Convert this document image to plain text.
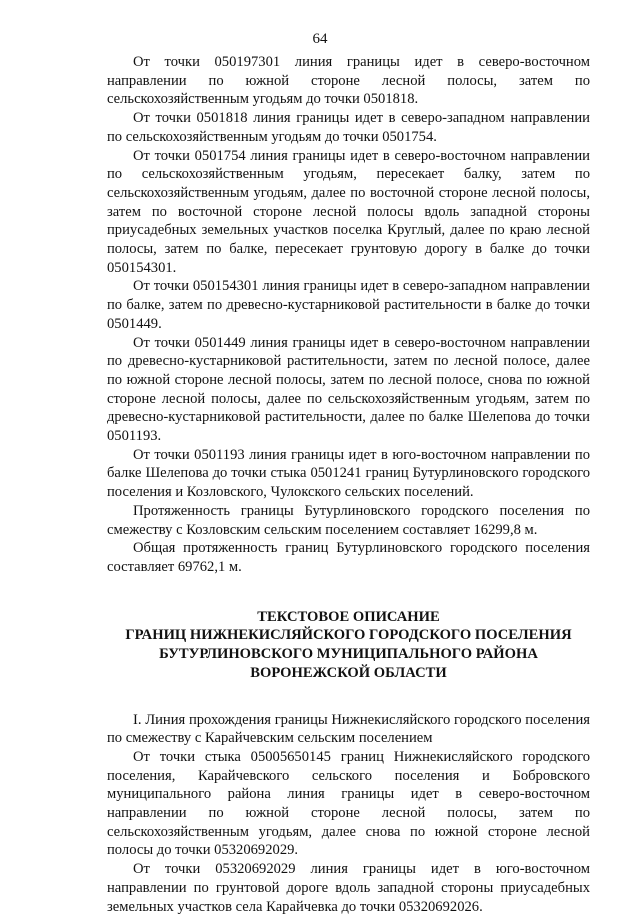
64

От точки 050197301 линия границы идет в северо-восточном направлении по южной стороне лесной полосы, затем по сельскохозяйственным угодьям до точки 0501818.

От точки 0501818 линия границы идет в северо-западном направлении по сельскохозяйственным угодьям до точки 0501754.

От точки 0501754 линия границы идет в северо-восточном направлении по сельскохозяйственным угодьям, пересекает балку, затем по сельскохозяйственным угодьям, далее по восточной стороне лесной полосы, затем по восточной стороне лесной полосы вдоль западной стороны приусадебных земельных участков поселка Круглый, далее по краю лесной полосы, затем по балке, пересекает грунтовую дорогу в балке до точки 050154301.

От точки 050154301 линия границы идет в северо-западном направлении по балке, затем по древесно-кустарниковой растительности в балке до точки 0501449.

От точки 0501449 линия границы идет в северо-восточном направлении по древесно-кустарниковой растительности, затем по лесной полосе, далее по южной стороне лесной полосы, затем по лесной полосе, снова по южной стороне лесной полосы, далее по сельскохозяйственным угодьям, затем по древесно-кустарниковой растительности, далее по балке Шелепова до точки 0501193.

От точки 0501193 линия границы идет в юго-восточном направлении по балке Шелепова до точки стыка 0501241 границ Бутурлиновского городского поселения и Козловского, Чулокского сельских поселений.

Протяженность границы Бутурлиновского городского поселения по смежеству с Козловским сельским поселением составляет 16299,8 м.

Общая протяженность границ Бутурлиновского городского поселения составляет 69762,1 м.

ТЕКСТОВОЕ ОПИСАНИЕ
ГРАНИЦ НИЖНЕКИСЛЯЙСКОГО ГОРОДСКОГО ПОСЕЛЕНИЯ
БУТУРЛИНОВСКОГО МУНИЦИПАЛЬНОГО РАЙОНА
ВОРОНЕЖСКОЙ ОБЛАСТИ

I. Линия прохождения границы Нижнекисляйского городского поселения по смежеству с Карайчевским сельским поселением

От точки стыка 05005650145 границ Нижнекисляйского городского поселения, Карайчевского сельского поселения и Бобровского муниципального района линия границы идет в северо-восточном направлении по южной стороне лесной полосы, затем по сельскохозяйственным угодьям, далее снова по южной стороне лесной полосы до точки 05320692029.

От точки 05320692029 линия границы идет в юго-восточном направлении по грунтовой дороге вдоль западной стороны приусадебных земельных участков села Карайчевка до точки 05320692026.
